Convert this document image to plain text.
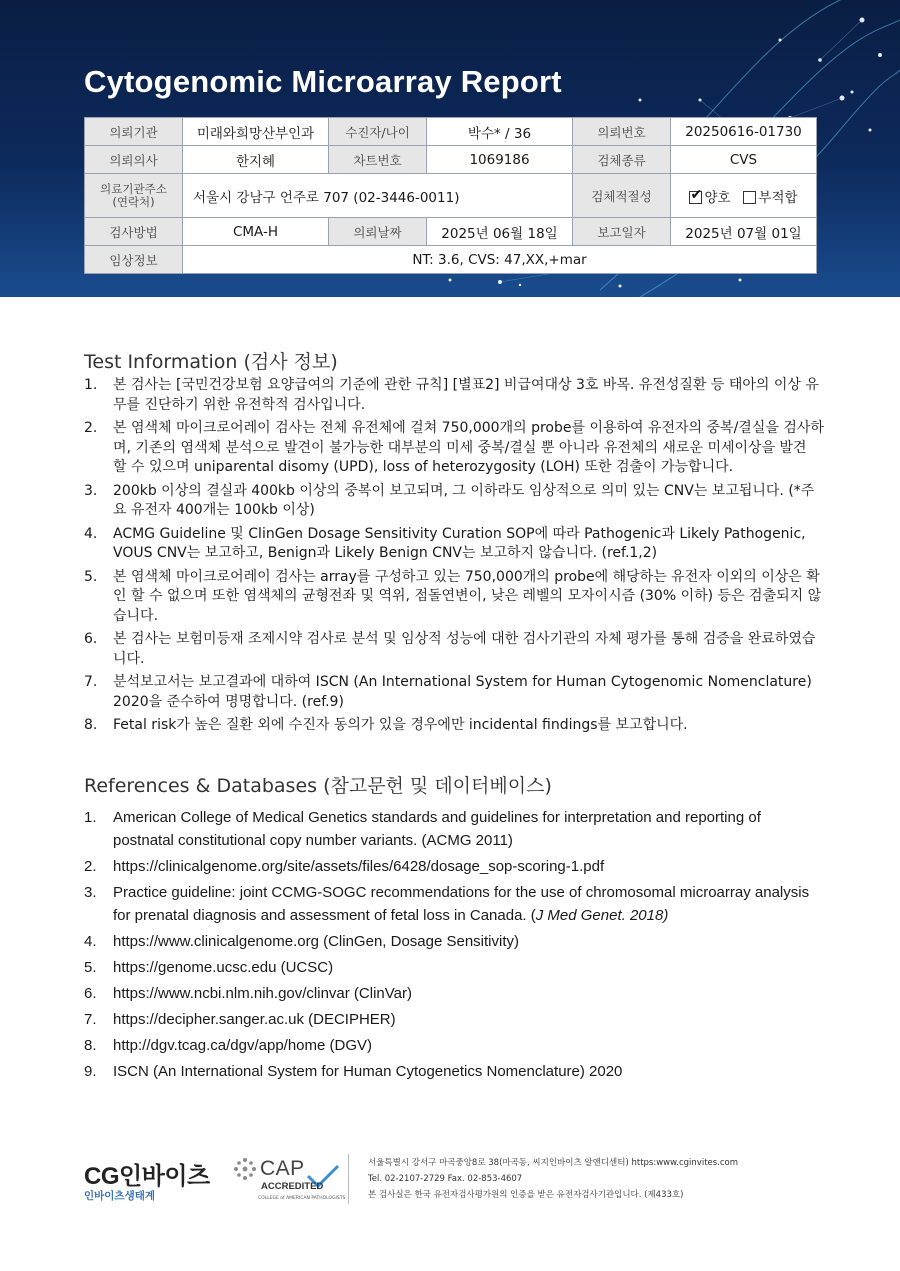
Cytogenomic Microarray Report
의뢰기관	미래와희망산부인과	수진자/나이	박수* / 36	의뢰번호	20250616-01730
의뢰의사	한지혜	차트번호	1069186	검체종류	CVS
의료기관주소
(연락처)	서울시 강남구 언주로 707 (02-3446-0011)			검체적절성	✔양호 부적합
검사방법	CMA-H	의뢰날짜	2025년 06월 18일	보고일자	2025년 07월 01일
임상정보	NT: 3.6, CVS: 47,XX,+mar				
Test Information (검사 정보)
1. 본 검사는 [국민건강보험 요양급여의 기준에 관한 규칙] [별표2] 비급여대상 3호 바목. 유전성질환 등 태아의 이상 유무를 진단하기 위한 유전학적 검사입니다.
2. 본 염색체 마이크로어레이 검사는 전체 유전체에 걸쳐 750,000개의 probe를 이용하여 유전자의 중복/결실을 검사하며, 기존의 염색체 분석으로 발견이 불가능한 대부분의 미세 중복/결실 뿐 아니라 유전체의 새로운 미세이상을 발견 할 수 있으며 uniparental disomy (UPD), loss of heterozygosity (LOH) 또한 검출이 가능합니다.
3. 200kb 이상의 결실과 400kb 이상의 중복이 보고되며, 그 이하라도 임상적으로 의미 있는 CNV는 보고됩니다. (*주요 유전자 400개는 100kb 이상)
4. ACMG Guideline 및 ClinGen Dosage Sensitivity Curation SOP에 따라 Pathogenic과 Likely Pathogenic, VOUS CNV는 보고하고, Benign과 Likely Benign CNV는 보고하지 않습니다. (ref.1,2)
5. 본 염색체 마이크로어레이 검사는 array를 구성하고 있는 750,000개의 probe에 해당하는 유전자 이외의 이상은 확인 할 수 없으며 또한 염색체의 균형전좌 및 역위, 점돌연변이, 낮은 레벨의 모자이시즘 (30% 이하) 등은 검출되지 않습니다.
6. 본 검사는 보험미등재 조제시약 검사로 분석 및 임상적 성능에 대한 검사기관의 자체 평가를 통해 검증을 완료하였습니다.
7. 분석보고서는 보고결과에 대하여 ISCN (An International System for Human Cytogenomic Nomenclature) 2020을 준수하여 명명합니다. (ref.9)
8. Fetal risk가 높은 질환 외에 수진자 동의가 있을 경우에만 incidental findings를 보고합니다.
References & Databases (참고문헌 및 데이터베이스)
1. American College of Medical Genetics standards and guidelines for interpretation and reporting of postnatal constitutional copy number variants. (ACMG 2011)
2. https://clinicalgenome.org/site/assets/files/6428/dosage_sop-scoring-1.pdf
3. Practice guideline: joint CCMG-SOGC recommendations for the use of chromosomal microarray analysis for prenatal diagnosis and assessment of fetal loss in Canada. (J Med Genet. 2018)
4. https://www.clinicalgenome.org (ClinGen, Dosage Sensitivity)
5. https://genome.ucsc.edu (UCSC)
6. https://www.ncbi.nlm.nih.gov/clinvar (ClinVar)
7. https://decipher.sanger.ac.uk (DECIPHER)
8. http://dgv.tcag.ca/dgv/app/home (DGV)
9. ISCN (An International System for Human Cytogenetics Nomenclature) 2020
CG인바이츠
인바이츠생태계
CAP
ACCREDITED
COLLEGE of AMERICAN PATHOLOGISTS
서울특별시 강서구 마곡중앙8로 38(마곡동, 씨지인바이츠 알앤디센터) https:www.cginvites.com
Tel. 02-2107-2729 Fax. 02-853-4607
본 검사실은 한국 유전자검사평가원의 인증을 받은 유전자검사기관입니다. (제433호)
